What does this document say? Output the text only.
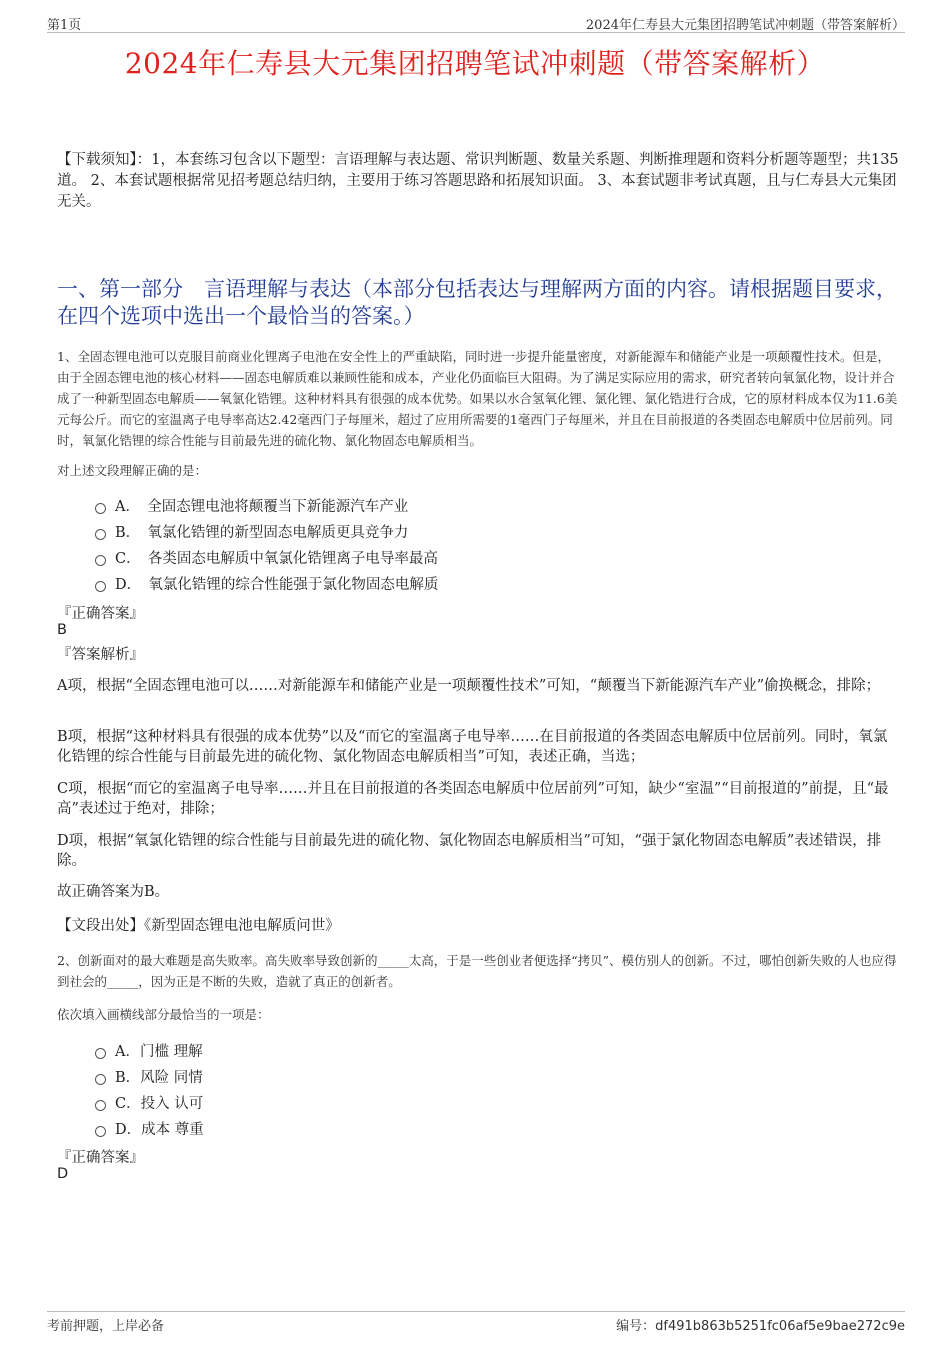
第1页	2024年仁寿县大元集团招聘笔试冲刺题（带答案解析）
2024年仁寿县大元集团招聘笔试冲刺题（带答案解析）
【下载须知】：1，本套练习包含以下题型：言语理解与表达题、常识判断题、数量关系题、判断推理题和资料分析题等题型；共135道。 2、本套试题根据常见招考题总结归纳，主要用于练习答题思路和拓展知识面。 3、本套试题非考试真题，且与仁寿县大元集团无关。
一、第一部分　言语理解与表达（本部分包括表达与理解两方面的内容。请根据题目要求，在四个选项中选出一个最恰当的答案。）
1、全固态锂电池可以克服目前商业化锂离子电池在安全性上的严重缺陷，同时进一步提升能量密度，对新能源车和储能产业是一项颠覆性技术。但是，由于全固态锂电池的核心材料——固态电解质难以兼顾性能和成本，产业化仍面临巨大阻碍。为了满足实际应用的需求，研究者转向氧氯化物，设计并合成了一种新型固态电解质——氧氯化锆锂。这种材料具有很强的成本优势。如果以水合氢氧化锂、氯化锂、氯化锆进行合成，它的原材料成本仅为11.6美元每公斤。而它的室温离子电导率高达2.42毫西门子每厘米，超过了应用所需要的1毫西门子每厘米，并且在目前报道的各类固态电解质中位居前列。同时，氧氯化锆锂的综合性能与目前最先进的硫化物、氯化物固态电解质相当。
对上述文段理解正确的是：
A．　全固态锂电池将颠覆当下新能源汽车产业
B．　氧氯化锆锂的新型固态电解质更具竞争力
C．　各类固态电解质中氧氯化锆锂离子电导率最高
D．　氧氯化锆锂的综合性能强于氯化物固态电解质
『正确答案』
B
『答案解析』
A项，根据“全固态锂电池可以……对新能源车和储能产业是一项颠覆性技术”可知，“颠覆当下新能源汽车产业”偷换概念，排除；
B项，根据“这种材料具有很强的成本优势”以及“而它的室温离子电导率……在目前报道的各类固态电解质中位居前列。同时，氧氯化锆锂的综合性能与目前最先进的硫化物、氯化物固态电解质相当”可知，表述正确，当选；
C项，根据“而它的室温离子电导率……并且在目前报道的各类固态电解质中位居前列”可知，缺少“室温”“目前报道的”前提，且“最高”表述过于绝对，排除；
D项，根据“氧氯化锆锂的综合性能与目前最先进的硫化物、氯化物固态电解质相当”可知，“强于氯化物固态电解质”表述错误，排除。
故正确答案为B。
【文段出处】《新型固态锂电池电解质问世》
2、创新面对的最大难题是高失败率。高失败率导致创新的_____太高，于是一些创业者便选择“拷贝”、模仿别人的创新。不过，哪怕创新失败的人也应得到社会的_____，因为正是不断的失败，造就了真正的创新者。
依次填入画横线部分最恰当的一项是：
A．门槛 理解
B．风险 同情
C．投入 认可
D．成本 尊重
『正确答案』
D
考前押题，上岸必备	编号：df491b863b5251fc06af5e9bae272c9e
